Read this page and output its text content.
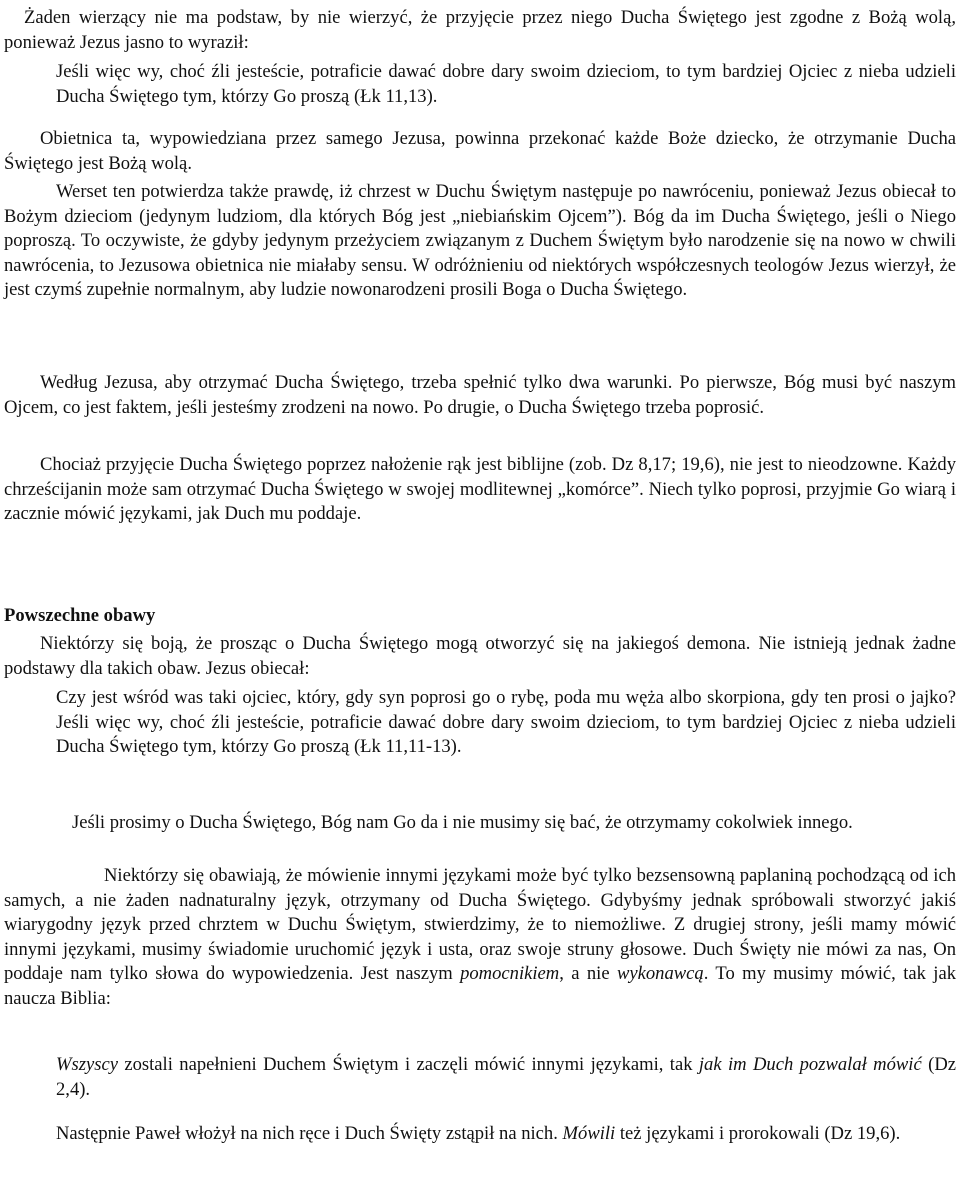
Żaden wierzący nie ma podstaw, by nie wierzyć, że przyjęcie przez niego Ducha Świętego jest zgodne z Bożą wolą, ponieważ Jezus jasno to wyraził:

Jeśli więc wy, choć źli jesteście, potraficie dawać dobre dary swoim dzieciom, to tym bardziej Ojciec z nieba udzieli Ducha Świętego tym, którzy Go proszą (Łk 11,13).

Obietnica ta, wypowiedziana przez samego Jezusa, powinna przekonać każde Boże dziecko, że otrzymanie Ducha Świętego jest Bożą wolą.

Werset ten potwierdza także prawdę, iż chrzest w Duchu Świętym następuje po nawróceniu, ponieważ Jezus obiecał to Bożym dzieciom (jedynym ludziom, dla których Bóg jest „niebiańskim Ojcem”). Bóg da im Ducha Świętego, jeśli o Niego poproszą. To oczywiste, że gdyby jedynym przeżyciem związanym z Duchem Świętym było narodzenie się na nowo w chwili nawrócenia, to Jezusowa obietnica nie miałaby sensu. W odróżnieniu od niektórych współczesnych teologów Jezus wierzył, że jest czymś zupełnie normalnym, aby ludzie nowonarodzeni prosili Boga o Ducha Świętego.

Według Jezusa, aby otrzymać Ducha Świętego, trzeba spełnić tylko dwa warunki. Po pierwsze, Bóg musi być naszym Ojcem, co jest faktem, jeśli jesteśmy zrodzeni na nowo. Po drugie, o Ducha Świętego trzeba poprosić.

Chociaż przyjęcie Ducha Świętego poprzez nałożenie rąk jest biblijne (zob. Dz 8,17; 19,6), nie jest to nieodzowne. Każdy chrześcijanin może sam otrzymać Ducha Świętego w swojej modlitewnej „komórce”. Niech tylko poprosi, przyjmie Go wiarą i zacznie mówić językami, jak Duch mu poddaje.

Powszechne obawy

Niektórzy się boją, że prosząc o Ducha Świętego mogą otworzyć się na jakiegoś demona. Nie istnieją jednak żadne podstawy dla takich obaw. Jezus obiecał:

Czy jest wśród was taki ojciec, który, gdy syn poprosi go o rybę, poda mu węża albo skorpiona, gdy ten prosi o jajko? Jeśli więc wy, choć źli jesteście, potraficie dawać dobre dary swoim dzieciom, to tym bardziej Ojciec z nieba udzieli Ducha Świętego tym, którzy Go proszą (Łk 11,11-13).

Jeśli prosimy o Ducha Świętego, Bóg nam Go da i nie musimy się bać, że otrzymamy cokolwiek innego.

Niektórzy się obawiają, że mówienie innymi językami może być tylko bezsensowną paplaniną pochodzącą od ich samych, a nie żaden nadnaturalny język, otrzymany od Ducha Świętego. Gdybyśmy jednak spróbowali stworzyć jakiś wiarygodny język przed chrztem w Duchu Świętym, stwierdzimy, że to niemożliwe. Z drugiej strony, jeśli mamy mówić innymi językami, musimy świadomie uruchomić język i usta, oraz swoje struny głosowe. Duch Święty nie mówi za nas, On poddaje nam tylko słowa do wypowiedzenia. Jest naszym pomocnikiem, a nie wykonawcą. To my musimy mówić, tak jak naucza Biblia:

Wszyscy zostali napełnieni Duchem Świętym i zaczęli mówić innymi językami, tak jak im Duch pozwalał mówić (Dz 2,4).

Następnie Paweł włożył na nich ręce i Duch Święty zstąpił na nich. Mówili też językami i prorokowali (Dz 19,6).
